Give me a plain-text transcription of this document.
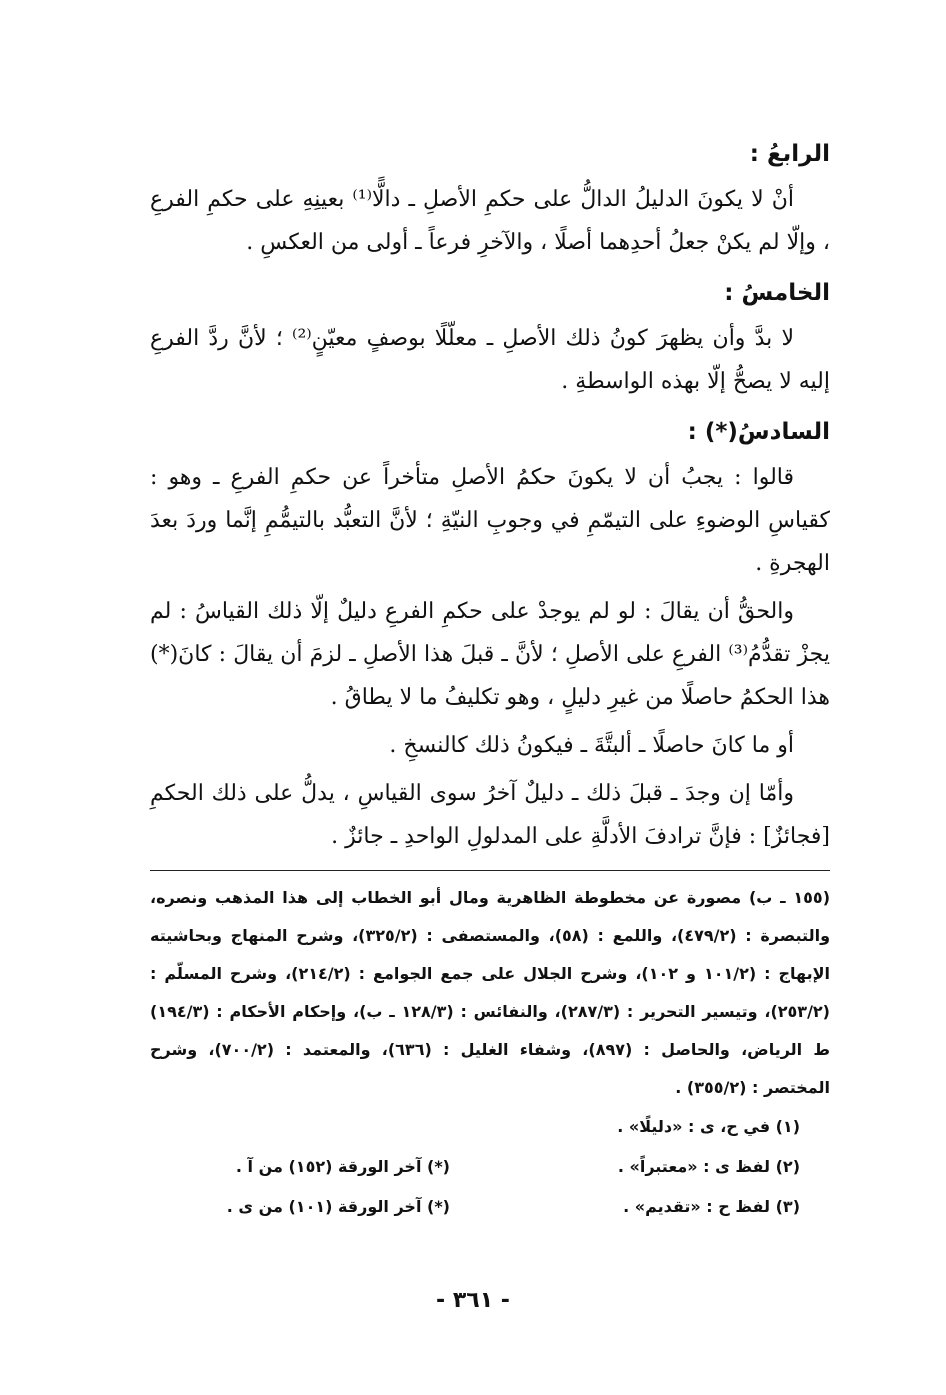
الرابعُ :
أنْ لا يكونَ الدليلُ الدالُّ على حكمِ الأصلِ ـ دالًّا⁽¹⁾ بعينِهِ على حكمِ الفرعِ ، وإلّا لم يكنْ جعلُ أحدِهما أصلًا ، والآخرِ فرعاً ـ أولى من العكسِ .
الخامسُ :
لا بدَّ وأن يظهرَ كونُ ذلك الأصلِ ـ معلّلًا بوصفٍ معيّنٍ⁽²⁾ ؛ لأنَّ ردَّ الفرعِ إليه لا يصحُّ إلّا بهذه الواسطةِ .
السادسُ(*) :
قالوا : يجبُ أن لا يكونَ حكمُ الأصلِ متأخراً عن حكمِ الفرعِ ـ وهو : كقياسِ الوضوءِ على التيمّمِ في وجوبِ النيّةِ ؛ لأنَّ التعبُّد بالتيمُّمِ إنَّما وردَ بعدَ الهجرةِ .
والحقُّ أن يقالَ : لو لم يوجدْ على حكمِ الفرعِ دليلٌ إلّا ذلك القياسُ : لم يجزْ تقدُّمُ⁽³⁾ الفرعِ على الأصلِ ؛ لأنَّ ـ قبلَ هذا الأصلِ ـ لزمَ أن يقالَ : كانَ(*) هذا الحكمُ حاصلًا من غيرِ دليلٍ ، وهو تكليفُ ما لا يطاقُ .
أو ما كانَ حاصلًا ـ ألبتَّةَ ـ فيكونُ ذلك كالنسخِ .
وأمّا إن وجدَ ـ قبلَ ذلك ـ دليلٌ آخرُ سوى القياسِ ، يدلُّ على ذلك الحكمِ [فجائزٌ] : فإنَّ ترادفَ الأدلَّةِ على المدلولِ الواحدِ ـ جائزٌ .
(١٥٥ ـ ب) مصورة عن مخطوطة الظاهرية ومال أبو الخطاب إلى هذا المذهب ونصره، والتبصرة : (٤٧٩/٢)، واللمع : (٥٨)، والمستصفى : (٣٢٥/٢)، وشرح المنهاج وبحاشيته الإبهاج : (١٠١/٢ و ١٠٢)، وشرح الجلال على جمع الجوامع : (٢١٤/٢)، وشرح المسلّم : (٢٥٣/٢)، وتيسير التحرير : (٢٨٧/٣)، والنفائس : (١٢٨/٣ ـ ب)، وإحكام الأحكام : (١٩٤/٣) ط الرياض، والحاصل : (٨٩٧)، وشفاء الغليل : (٦٣٦)، والمعتمد : (٧٠٠/٢)، وشرح المختصر : (٣٥٥/٢) .
(١) في ح، ى : «دليلًا» .
(٢) لفظ ى : «معتبراً» .
(*) آخر الورقة (١٥٢) من آ .
(٣) لفظ ح : «تقديم» .
(*) آخر الورقة (١٠١) من ى .
- ٣٦١ -
